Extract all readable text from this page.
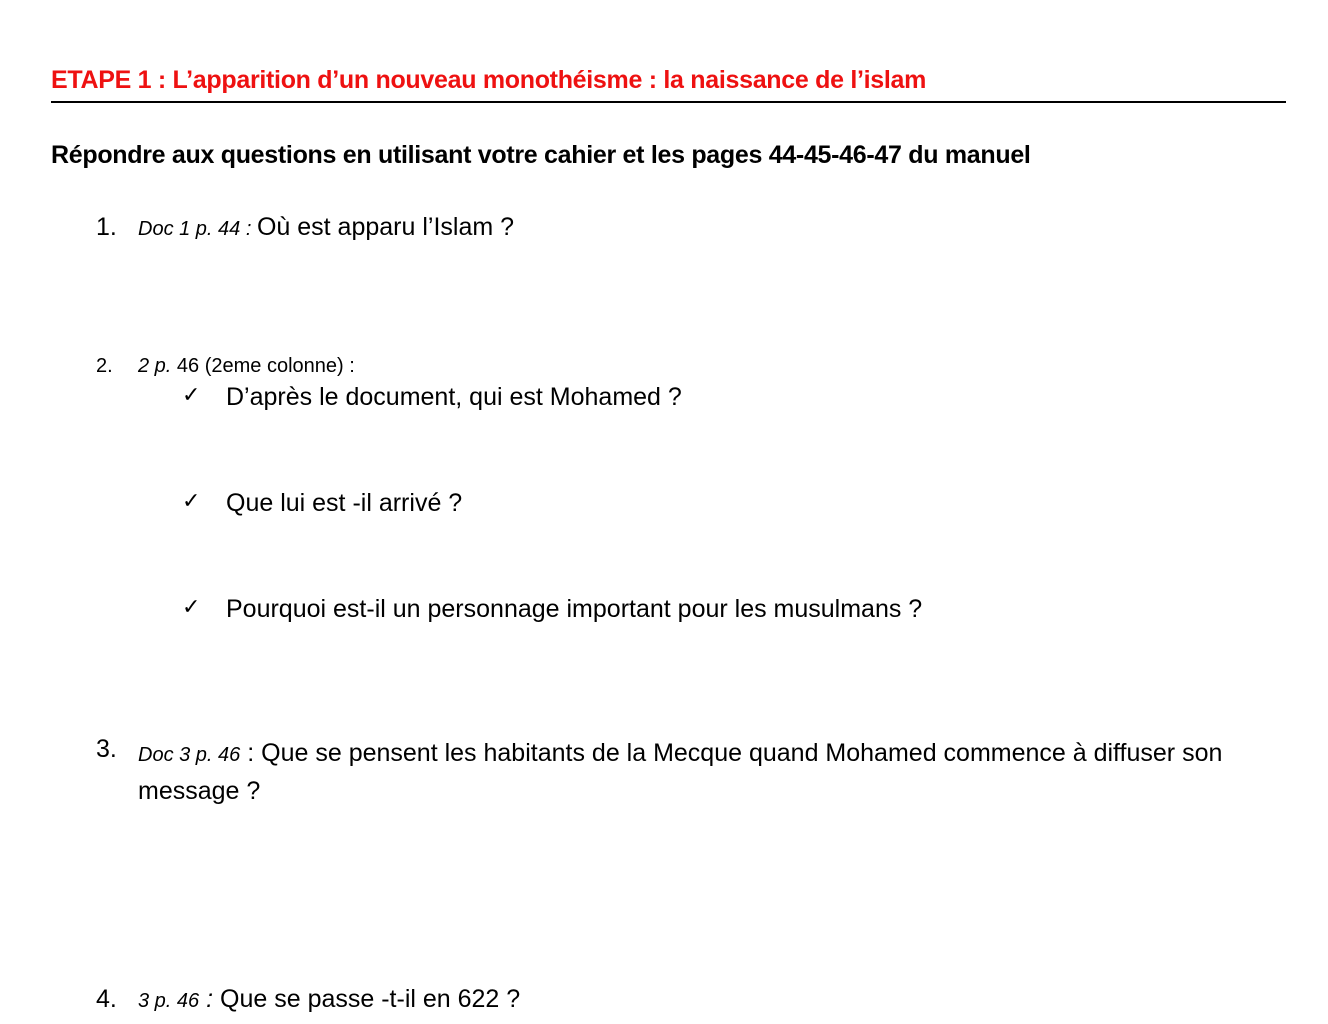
ETAPE 1 : L’apparition d’un nouveau monothéisme : la naissance de l’islam
Répondre aux questions en utilisant votre cahier et les pages 44-45-46-47 du manuel
1. Doc 1 p. 44 : Où est apparu l’Islam ?
2. 2 p. 46 (2eme colonne) :
✓ D’après le document, qui est Mohamed ?
✓ Que lui est -il arrivé ?
✓ Pourquoi est-il un personnage important pour les musulmans ?
3. Doc 3 p. 46 : Que se pensent les habitants de la Mecque quand Mohamed commence à diffuser son message ?
4. 3 p. 46 : Que se passe -t-il en 622 ?
